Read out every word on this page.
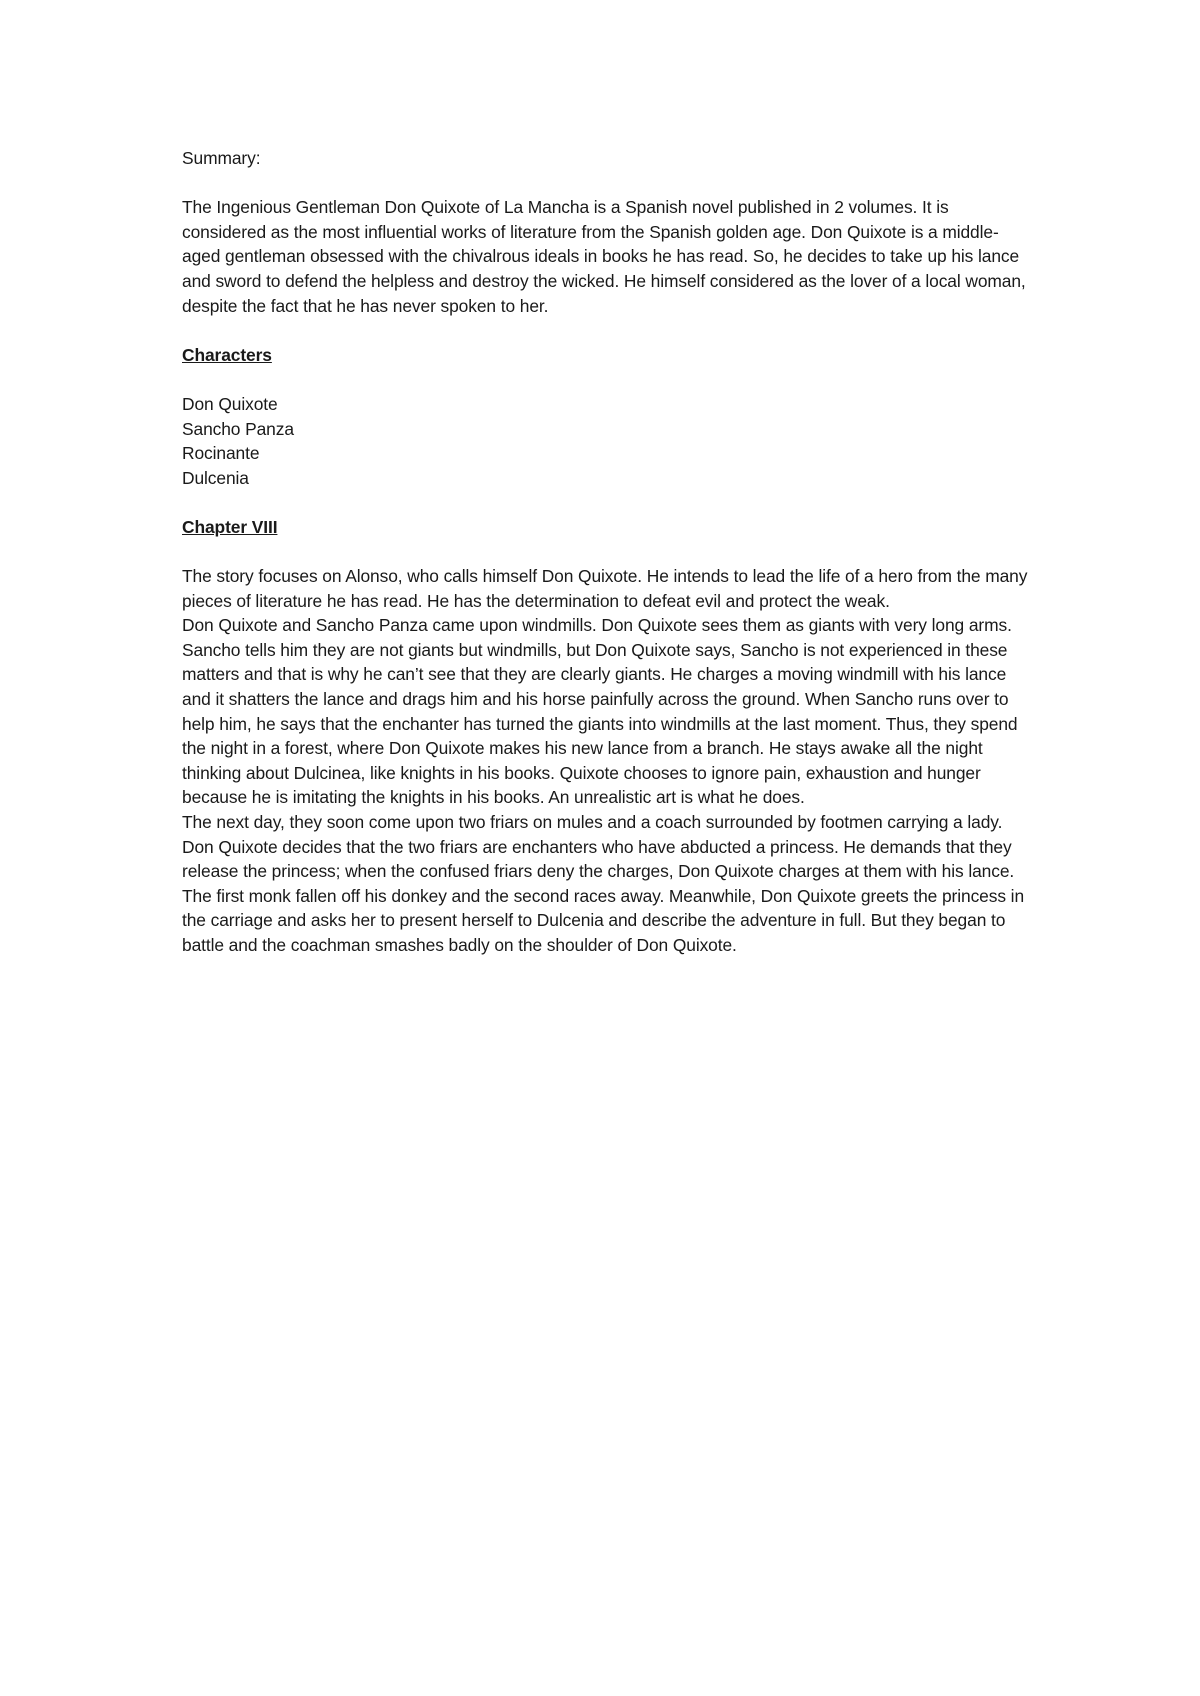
Summary:

The Ingenious Gentleman Don Quixote of La Mancha is a Spanish novel published in 2 volumes. It is considered as the most influential works of literature from the Spanish golden age. Don Quixote is a middle-aged gentleman obsessed with the chivalrous ideals in books he has read. So, he decides to take up his lance and sword to defend the helpless and destroy the wicked. He himself considered as the lover of a local woman, despite the fact that he has never spoken to her.

Characters

Don Quixote
Sancho Panza
Rocinante
Dulcenia

Chapter VIII

The story focuses on Alonso, who calls himself Don Quixote. He intends to lead the life of a hero from the many pieces of literature he has read. He has the determination to defeat evil and protect the weak.

Don Quixote and Sancho Panza came upon windmills. Don Quixote sees them as giants with very long arms. Sancho tells him they are not giants but windmills, but Don Quixote says, Sancho is not experienced in these matters and that is why he can’t see that they are clearly giants. He charges a moving windmill with his lance and it shatters the lance and drags him and his horse painfully across the ground. When Sancho runs over to help him, he says that the enchanter has turned the giants into windmills at the last moment. Thus, they spend the night in a forest, where Don Quixote makes his new lance from a branch. He stays awake all the night thinking about Dulcinea, like knights in his books. Quixote chooses to ignore pain, exhaustion and hunger because he is imitating the knights in his books. An unrealistic art is what he does.

The next day, they soon come upon two friars on mules and a coach surrounded by footmen carrying a lady. Don Quixote decides that the two friars are enchanters who have abducted a princess. He demands that they release the princess; when the confused friars deny the charges, Don Quixote charges at them with his lance. The first monk fallen off his donkey and the second races away. Meanwhile, Don Quixote greets the princess in the carriage and asks her to present herself to Dulcenia and describe the adventure in full. But they began to battle and the coachman smashes badly on the shoulder of Don Quixote.
